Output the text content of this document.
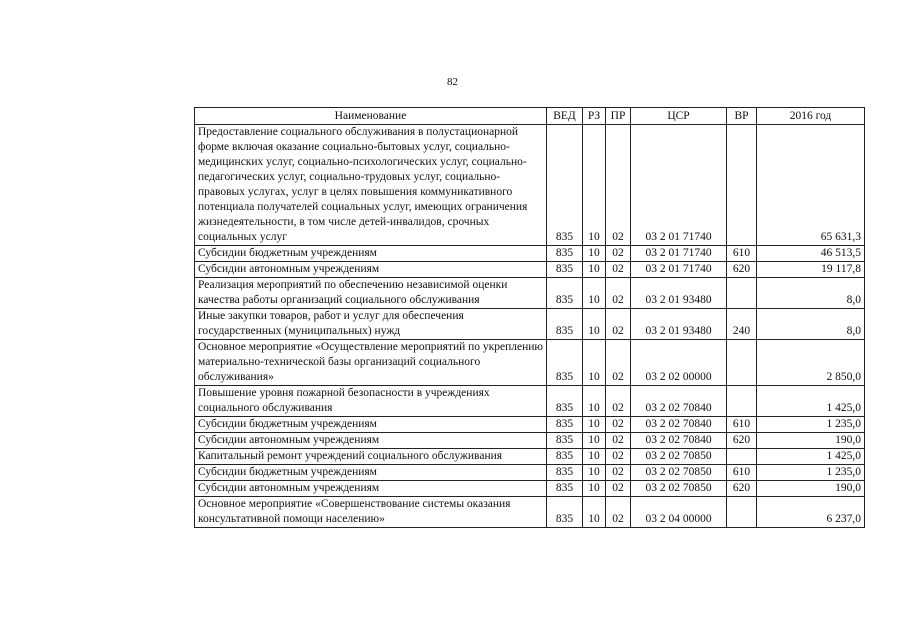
82
Наименование	ВЕД	РЗ	ПР	ЦСР	ВР	2016 год
Предоставление социального обслуживания в полустационарной форме включая оказание социально-бытовых услуг, социально-медицинских услуг, социально-психологических услуг, социально-педагогических услуг, социально-трудовых услуг, социально-правовых услугах, услуг в целях повышения коммуникативного потенциала получателей социальных услуг, имеющих ограничения жизнедеятельности, в том числе детей-инвалидов, срочных социальных услуг	835	10	02	03 2 01 71740		65 631,3
Субсидии бюджетным учреждениям	835	10	02	03 2 01 71740	610	46 513,5
Субсидии автономным учреждениям	835	10	02	03 2 01 71740	620	19 117,8
Реализация мероприятий по обеспечению независимой оценки качества работы организаций социального обслуживания	835	10	02	03 2 01 93480		8,0
Иные закупки товаров, работ и услуг для обеспечения государственных (муниципальных) нужд	835	10	02	03 2 01 93480	240	8,0
Основное мероприятие «Осуществление мероприятий по укреплению материально-технической базы организаций социального обслуживания»	835	10	02	03 2 02 00000		2 850,0
Повышение уровня пожарной безопасности в учреждениях социального обслуживания	835	10	02	03 2 02 70840		1 425,0
Субсидии бюджетным учреждениям	835	10	02	03 2 02 70840	610	1 235,0
Субсидии автономным учреждениям	835	10	02	03 2 02 70840	620	190,0
Капитальный ремонт учреждений социального обслуживания	835	10	02	03 2 02 70850		1 425,0
Субсидии бюджетным учреждениям	835	10	02	03 2 02 70850	610	1 235,0
Субсидии автономным учреждениям	835	10	02	03 2 02 70850	620	190,0
Основное мероприятие «Совершенствование системы оказания консультативной помощи населению»	835	10	02	03 2 04 00000		6 237,0
